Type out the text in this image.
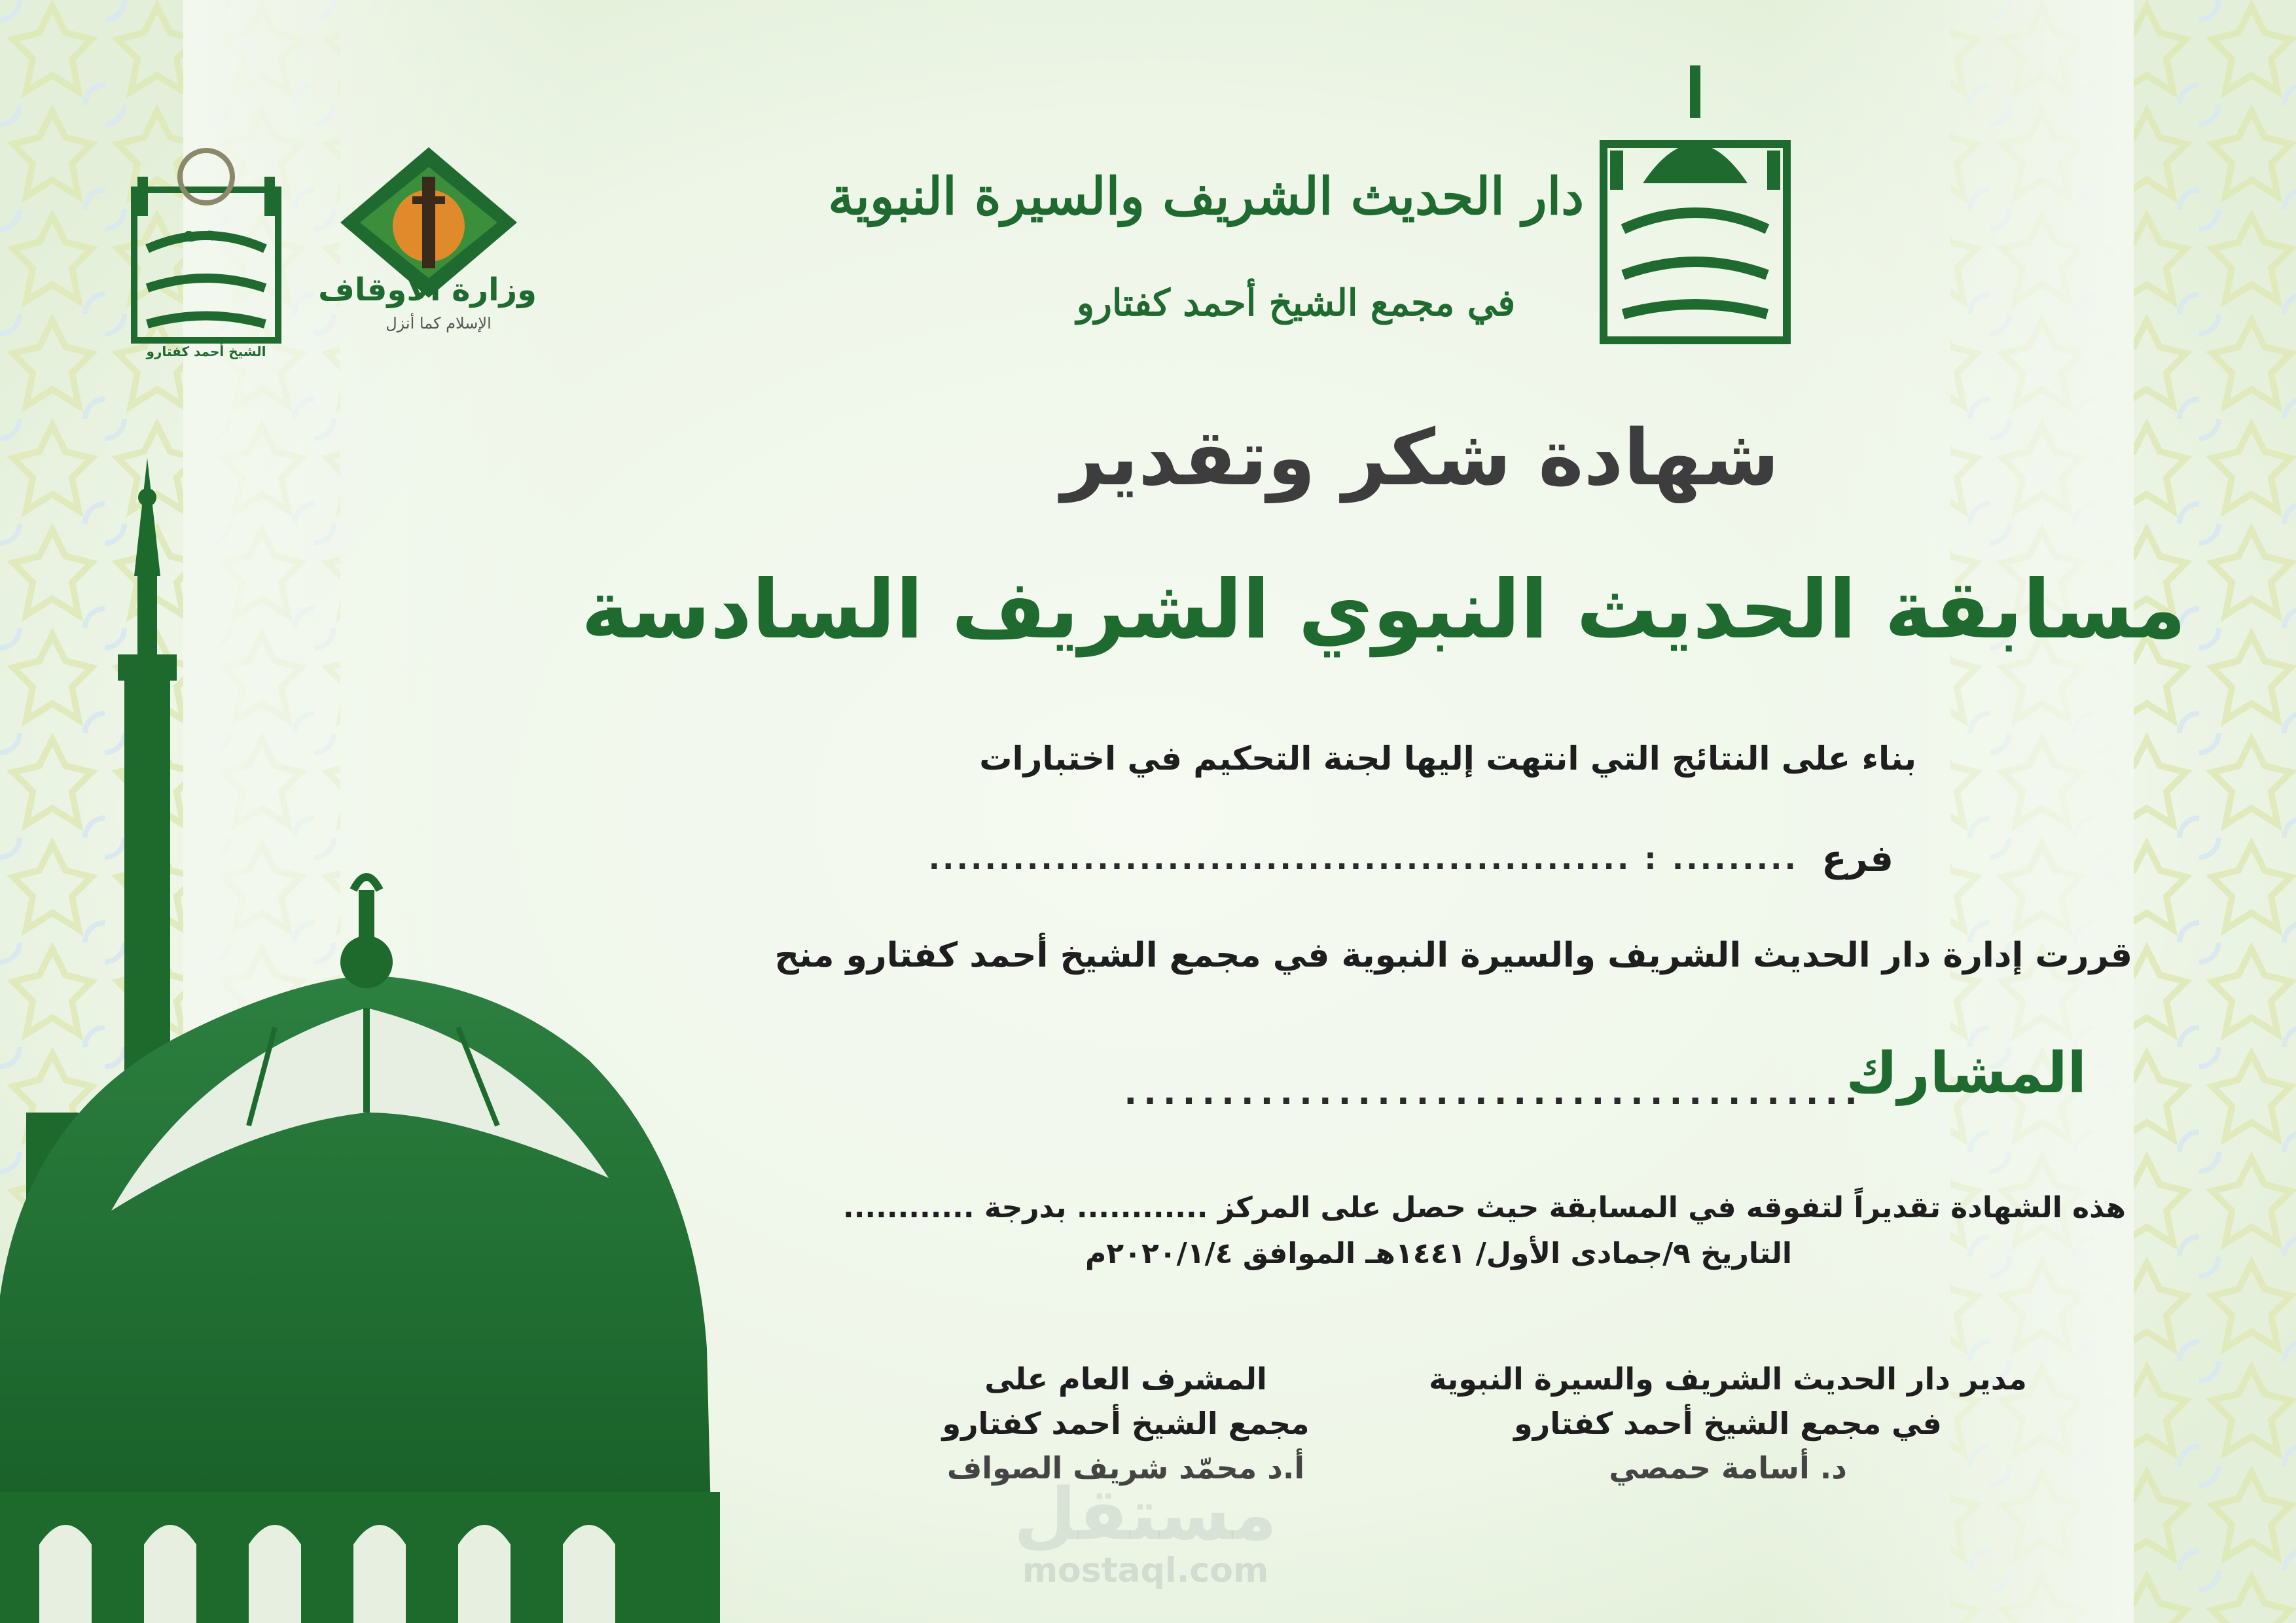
وزارة الأوقاف
الإسلام كما أنزل
مجمع
الشيخ أحمد كفتارو
دار الحديث الشريف والسيرة النبوية
في مجمع الشيخ أحمد كفتارو
شهادة شكر وتقدير
مسابقة الحديث النبوي الشريف السادسة
بناء على النتائج التي انتهت إليها لجنة التحكيم في اختبارات
فرع
......... : ..................................................
قررت إدارة دار الحديث الشريف والسيرة النبوية في مجمع الشيخ أحمد كفتارو منح
المشارك
......................................
هذه الشهادة تقديراً لتفوقه في المسابقة حيث حصل على المركز ............ بدرجة ............
التاريخ ٩/جمادى الأول/ ١٤٤١هـ الموافق ٢٠٢٠/١/٤م
مدير دار الحديث الشريف والسيرة النبوية
في مجمع الشيخ أحمد كفتارو
د. أسامة حمصي
المشرف العام على
مجمع الشيخ أحمد كفتارو
أ.د محمّد شريف الصواف
مستقل
mostaql.com
